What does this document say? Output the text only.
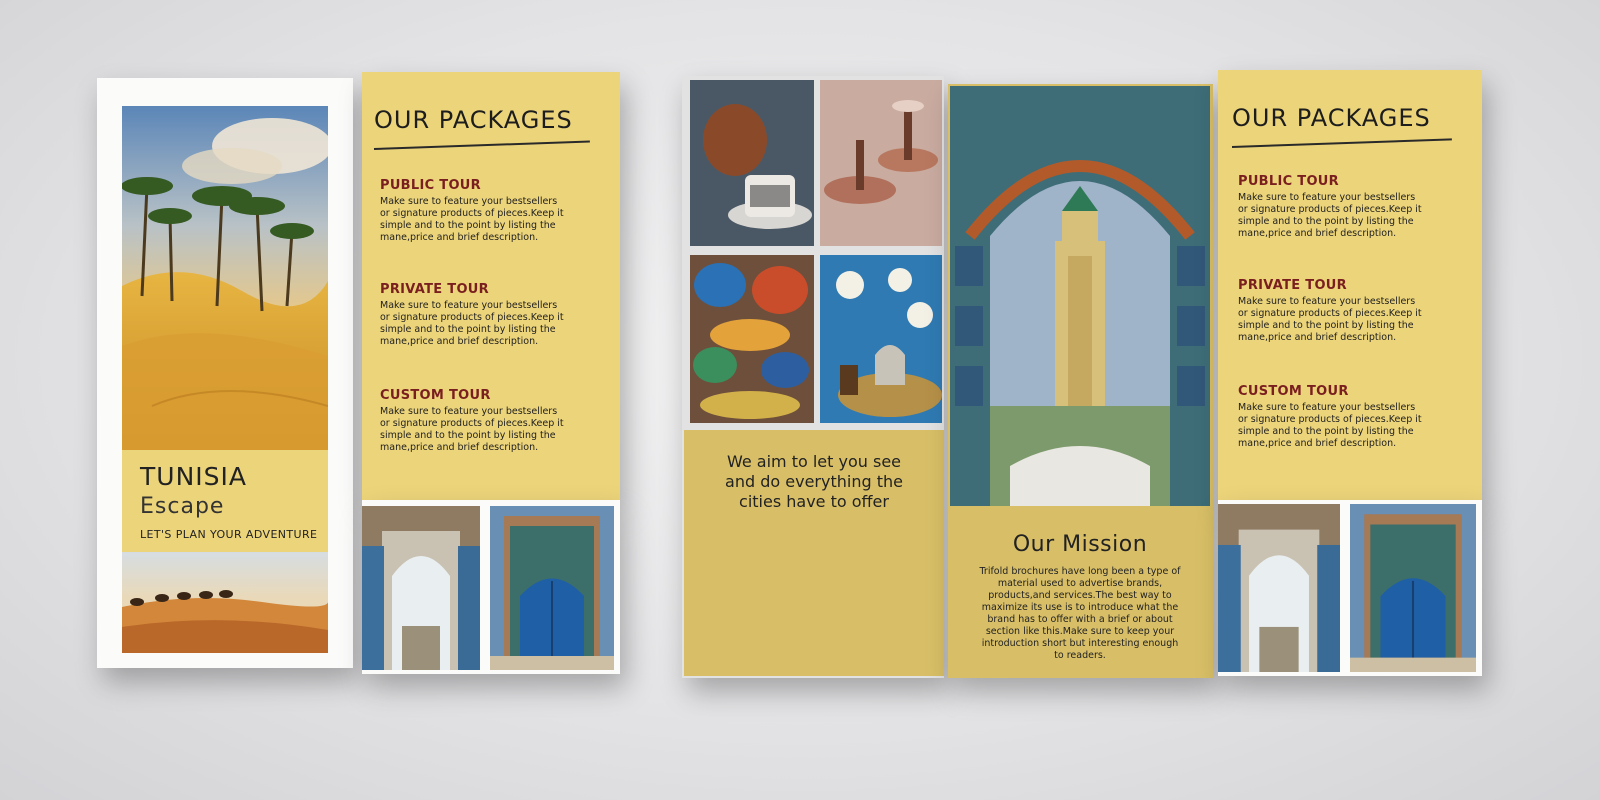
TUNISIA
Escape
LET'S PLAN YOUR ADVENTURE
OUR PACKAGES
PUBLIC TOUR
Make sure to feature your bestsellers or signature products of pieces.Keep it simple and to the point by listing the mane,price and brief description.
PRIVATE TOUR
Make sure to feature your bestsellers or signature products of pieces.Keep it simple and to the point by listing the mane,price and brief description.
CUSTOM TOUR
Make sure to feature your bestsellers or signature products of pieces.Keep it simple and to the point by listing the mane,price and brief description.
We aim to let you see and do everything the cities have to offer
Our Mission
Trifold brochures have long been a type of material used to advertise brands, products,and services.The best way to maximize its use is to introduce what the brand has to offer with a brief or about section like this.Make sure to keep your introduction short but interesting enough to readers.
OUR PACKAGES
PUBLIC TOUR
Make sure to feature your bestsellers or signature products of pieces.Keep it simple and to the point by listing the mane,price and brief description.
PRIVATE TOUR
Make sure to feature your bestsellers or signature products of pieces.Keep it simple and to the point by listing the mane,price and brief description.
CUSTOM TOUR
Make sure to feature your bestsellers or signature products of pieces.Keep it simple and to the point by listing the mane,price and brief description.
